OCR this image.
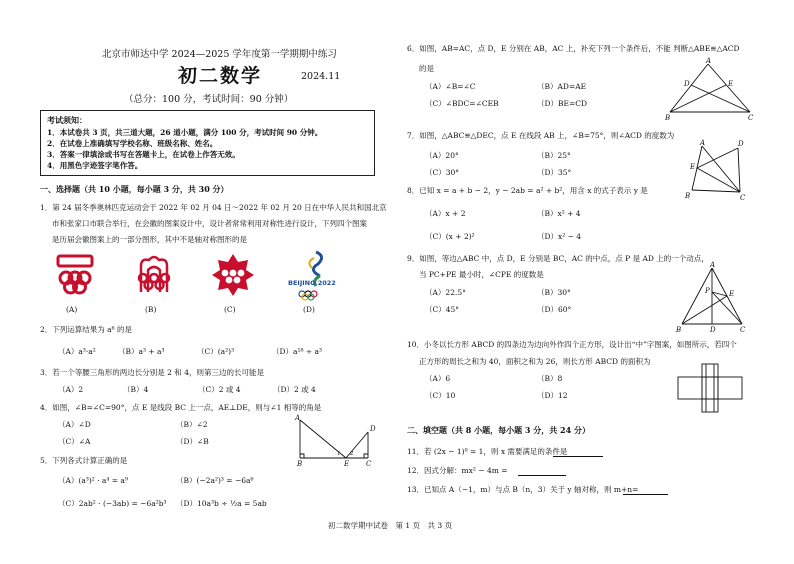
北京市师达中学 2024—2025 学年度第一学期期中练习
初二数学	2024.11
（总分：100 分，考试时间：90 分钟）
考试须知：
1．本试卷共 3 页，共三道大题，26 道小题，满分 100 分，考试时间 90 分钟。
2．在试卷上准确填写学校名称、班级名称、姓名。
3．答案一律填涂或书写在答题卡上，在试卷上作答无效。
4．用黑色字迹签字笔作答。
一、选择题（共 10 小题，每小题 3 分，共 30 分）
1．第 24 届冬季奥林匹克运动会于 2022 年 02 月 04 日～2022 年 02 月 20 日在中华人民共和国北京
市和张家口市联合举行，在会徽的图案设计中，设计者常常利用对称性进行设计，下列四个图案
是历届会徽图案上的一部分图形，其中不是轴对称图形的是
BEIJING 2022
(A)	(B)	(C)	(D)
2．下列运算结果为 a⁶ 的是
（A）a³·a²	（B）a³ + a³	（C）(a²)³	（D）a¹⁸ ÷ a³
3．若一个等腰三角形的两边长分别是 2 和 4，则第三边的长可能是
（A）2	（B）4	（C）2 或 4	（D）2 或 4
4．如图，∠B=∠C=90°，点 E 是线段 BC 上一点，AE⊥DE，则与∠1 相等的角是
（A）∠D	（B）∠2
（C）∠A	（D）∠B
A
D
1 2
B	E C
5．下列各式计算正确的是
（A）(a³)² · a⁴ = a⁹	（B）(−2a²)³ = −6a⁶
（C）2ab² · (−3ab) = −6a²b³ （D）10a³b ÷ ½a = 5ab
6．如图，AB=AC，点 D，E 分别在 AB，AC 上，补充下列一个条件后，不能 判断△ABE≌△ACD
的是
（A）∠B=∠C	（B）AD=AE
（C）∠BDC=∠CEB	（D）BE=CD
A
D	E
B	C
7．如图，△ABC≌△DEC，点 E 在线段 AB 上，∠B=75°，则∠ACD 的度数为
（A）20°	（B）25°
（C）30°	（D）35°
A	D
E
B	C
8．已知 x = a + b − 2，y − 2ab = a² + b²，用含 x 的式子表示 y 是
（A）x + 2	（B）x² + 4
（C）(x + 2)²	（D）x² − 4
9．如图，等边△ABC 中，点 D，E 分别是 BC，AC 的中点，点 P 是 AD 上的一个动点，
当 PC+PE 最小时，∠CPE 的度数是
（A）22.5°	（B）30°
（C）45°	（D）60°
A
E
P
B	D	C
10．小冬以长方形 ABCD 的四条边为边向外作四个正方形，设计出“中”字图案，如图所示，若四个
正方形的周长之和为 40，面积之和为 26，则长方形 ABCD 的面积为
（A）6	（B）8
（C）10	（D）12
二、填空题（共 8 小题，每小题 3 分，共 24 分）
11．若 (2x − 1)⁰ = 1，则 x 需要满足的条件是
12．因式分解：mx² − 4m =
13．已知点 A（−1，m）与点 B（n，3）关于 y 轴对称，则 m+n=
初二数学期中试卷　第 1 页　共 3 页
